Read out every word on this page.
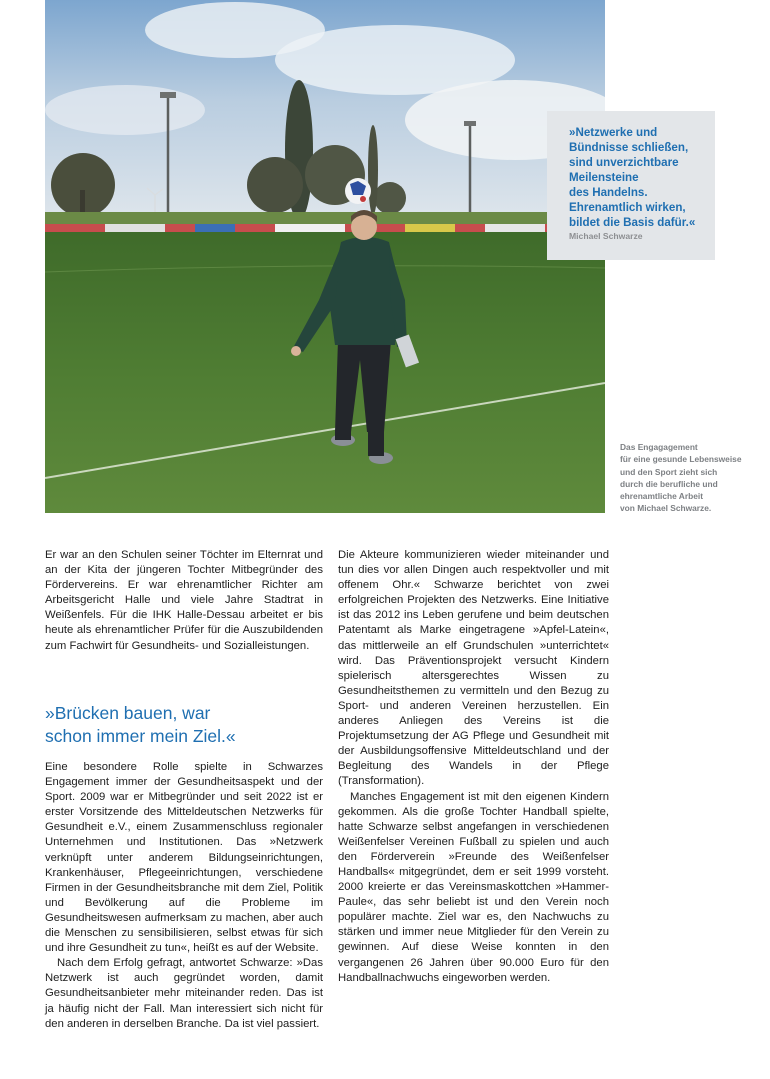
»Netzwerke und
Bündnisse schließen,
sind unverzichtbare
Meilensteine
des Handelns.
Ehrenamtlich wirken,
bildet die Basis dafür.«

Michael Schwarze
Das Engagagement
für eine gesunde Lebensweise
und den Sport zieht sich
durch die berufliche und
ehrenamtliche Arbeit
von Michael Schwarze.

Er war an den Schulen seiner Töchter im Elternrat und an der Kita der jüngeren Tochter Mitbegründer des Fördervereins. Er war ehrenamtlicher Richter am Arbeitsgericht Halle und viele Jahre Stadtrat in Weißenfels. Für die IHK Halle-Dessau arbeitet er bis heute als ehrenamtlicher Prüfer für die Auszubildenden zum Fachwirt für Gesundheits- und Sozialleistungen.

»Brücken bauen, war
schon immer mein Ziel.«

Eine besondere Rolle spielte in Schwarzes Engagement immer der Gesundheitsaspekt und der Sport. 2009 war er Mitbegründer und seit 2022 ist er erster Vorsitzende des Mitteldeutschen Netzwerks für Gesundheit e.V., einem Zusammenschluss regionaler Unternehmen und Institutionen. Das »Netzwerk verknüpft unter anderem Bildungseinrichtungen, Krankenhäuser, Pflegeeinrichtungen, verschiedene Firmen in der Gesundheitsbranche mit dem Ziel, Politik und Bevölkerung auf die Probleme im Gesundheitswesen aufmerksam zu machen, aber auch die Menschen zu sensibilisieren, selbst etwas für sich und ihre Gesundheit zu tun«, heißt es auf der Website.

Nach dem Erfolg gefragt, antwortet Schwarze: »Das Netzwerk ist auch gegründet worden, damit Gesundheitsanbieter mehr miteinander reden. Das ist ja häufig nicht der Fall. Man interessiert sich nicht für den anderen in derselben Branche. Da ist viel passiert.

Die Akteure kommunizieren wieder miteinander und tun dies vor allen Dingen auch respektvoller und mit offenem Ohr.« Schwarze berichtet von zwei erfolgreichen Projekten des Netzwerks. Eine Initiative ist das 2012 ins Leben gerufene und beim deutschen Patentamt als Marke eingetragene »Apfel-Latein«, das mittlerweile an elf Grundschulen »unterrichtet« wird. Das Präventionsprojekt versucht Kindern spielerisch altersgerechtes Wissen zu Gesundheitsthemen zu vermitteln und den Bezug zu Sport- und anderen Vereinen herzustellen. Ein anderes Anliegen des Vereins ist die Projektumsetzung der AG Pflege und Gesundheit mit der Ausbildungsoffensive Mitteldeutschland und der Begleitung des Wandels in der Pflege (Transformation).

Manches Engagement ist mit den eigenen Kindern gekommen. Als die große Tochter Handball spielte, hatte Schwarze selbst angefangen in verschiedenen Weißenfelser Vereinen Fußball zu spielen und auch den Förderverein »Freunde des Weißenfelser Handballs« mitgegründet, dem er seit 1999 vorsteht. 2000 kreierte er das Vereinsmaskottchen »Hammer-Paule«, das sehr beliebt ist und den Verein noch populärer machte. Ziel war es, den Nachwuchs zu stärken und immer neue Mitglieder für den Verein zu gewinnen. Auf diese Weise konnten in den vergangenen 26 Jahren über 90.000 Euro für den Handballnachwuchs eingeworben werden.
